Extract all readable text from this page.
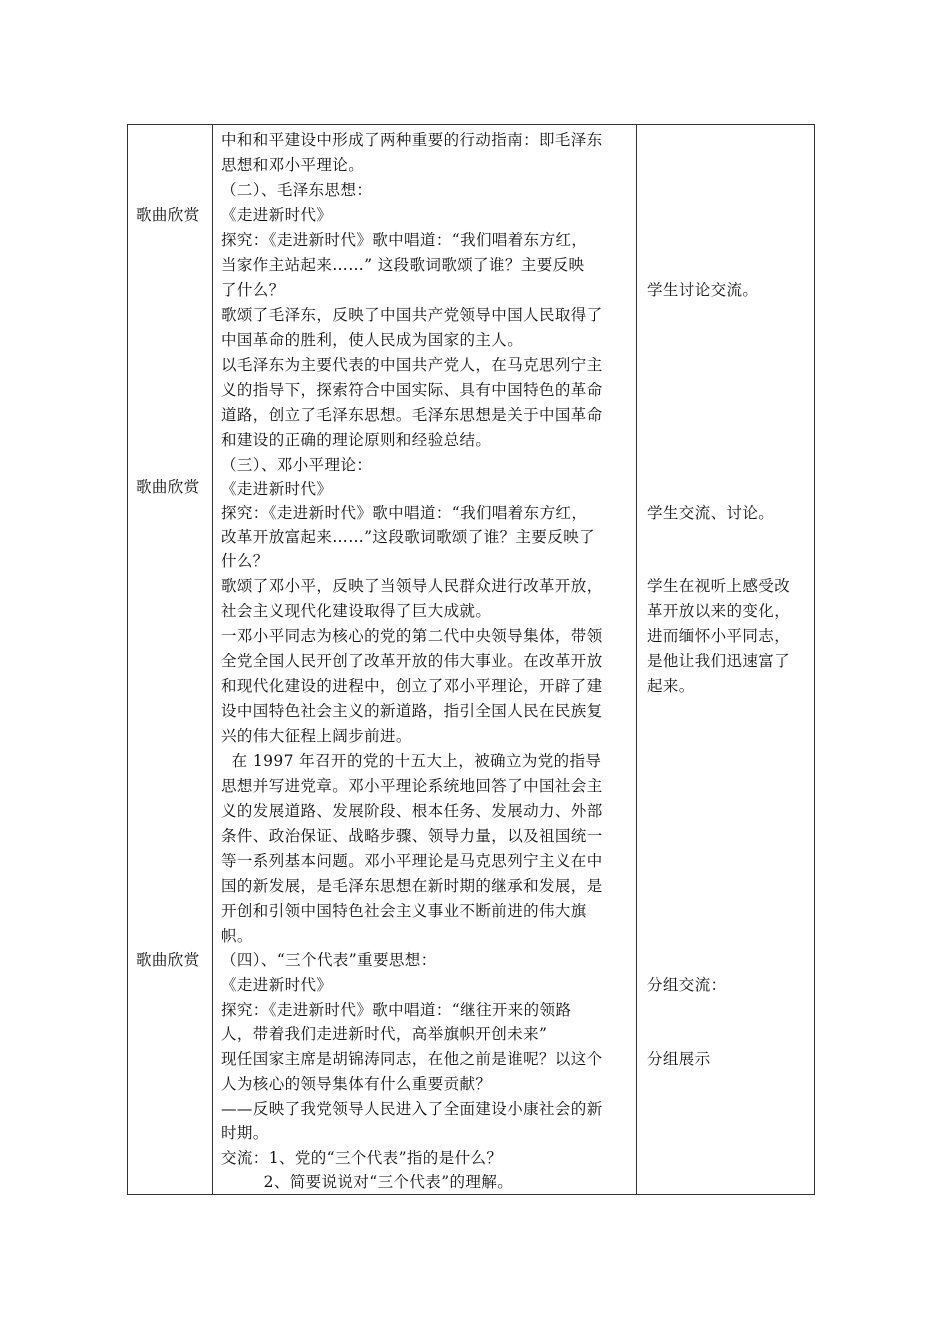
歌曲欣赏
歌曲欣赏
歌曲欣赏
中和和平建设中形成了两种重要的行动指南：即毛泽东
思想和邓小平理论。
（二）、毛泽东思想：
《走进新时代》
探究：《走进新时代》歌中唱道：“我们唱着东方红，
当家作主站起来……” 这段歌词歌颂了谁？主要反映
了什么？
歌颂了毛泽东，反映了中国共产党领导中国人民取得了
中国革命的胜利，使人民成为国家的主人。
以毛泽东为主要代表的中国共产党人，在马克思列宁主
义的指导下，探索符合中国实际、具有中国特色的革命
道路，创立了毛泽东思想。毛泽东思想是关于中国革命
和建设的正确的理论原则和经验总结。
（三）、邓小平理论：
《走进新时代》
探究：《走进新时代》歌中唱道：“我们唱着东方红，
改革开放富起来……”这段歌词歌颂了谁？主要反映了
什么？
歌颂了邓小平，反映了当领导人民群众进行改革开放，
社会主义现代化建设取得了巨大成就。
一邓小平同志为核心的党的第二代中央领导集体，带领
全党全国人民开创了改革开放的伟大事业。在改革开放
和现代化建设的进程中，创立了邓小平理论，开辟了建
设中国特色社会主义的新道路，指引全国人民在民族复
兴的伟大征程上阔步前进。
在 1997 年召开的党的十五大上，被确立为党的指导
思想并写进党章。邓小平理论系统地回答了中国社会主
义的发展道路、发展阶段、根本任务、发展动力、外部
条件、政治保证、战略步骤、领导力量，以及祖国统一
等一系列基本问题。邓小平理论是马克思列宁主义在中
国的新发展，是毛泽东思想在新时期的继承和发展，是
开创和引领中国特色社会主义事业不断前进的伟大旗
帜。
（四）、“三个代表”重要思想：
《走进新时代》
探究：《走进新时代》歌中唱道：“继往开来的领路
人，带着我们走进新时代，高举旗帜开创未来”
现任国家主席是胡锦涛同志，在他之前是谁呢？以这个
人为核心的领导集体有什么重要贡献？
——反映了我党领导人民进入了全面建设小康社会的新
时期。
交流：1、党的“三个代表”指的是什么？
2、简要说说对“三个代表”的理解。
学生讨论交流。
学生交流、讨论。
学生在视听上感受改
革开放以来的变化，
进而缅怀小平同志，
是他让我们迅速富了
起来。
分组交流：
分组展示
